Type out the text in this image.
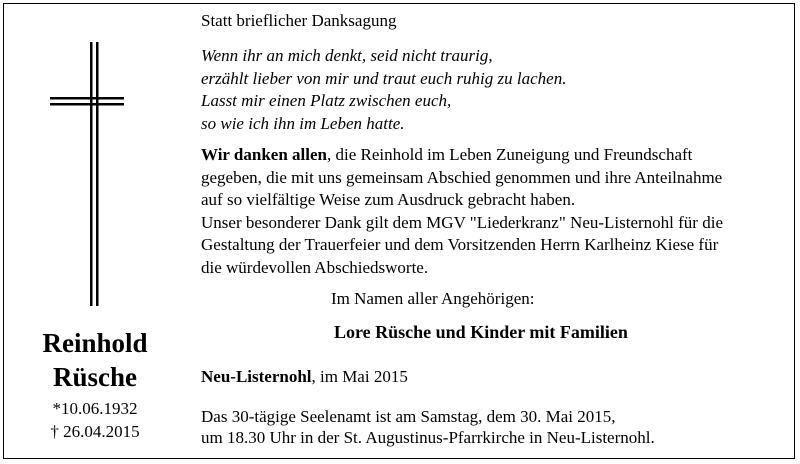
Reinhold
Rüsche
*10.06.1932
† 26.04.2015
Statt brieflicher Danksagung
Wenn ihr an mich denkt, seid nicht traurig,
erzählt lieber von mir und traut euch ruhig zu lachen.
Lasst mir einen Platz zwischen euch,
so wie ich ihn im Leben hatte.
Wir danken allen, die Reinhold im Leben Zuneigung und Freundschaft
gegeben, die mit uns gemeinsam Abschied genommen und ihre Anteilnahme
auf so vielfältige Weise zum Ausdruck gebracht haben.
Unser besonderer Dank gilt dem MGV "Liederkranz" Neu-Listernohl für die
Gestaltung der Trauerfeier und dem Vorsitzenden Herrn Karlheinz Kiese für
die würdevollen Abschiedsworte.
Im Namen aller Angehörigen:
Lore Rüsche und Kinder mit Familien
Neu-Listernohl, im Mai 2015
Das 30-tägige Seelenamt ist am Samstag, dem 30. Mai 2015,
um 18.30 Uhr in der St. Augustinus-Pfarrkirche in Neu-Listernohl.
